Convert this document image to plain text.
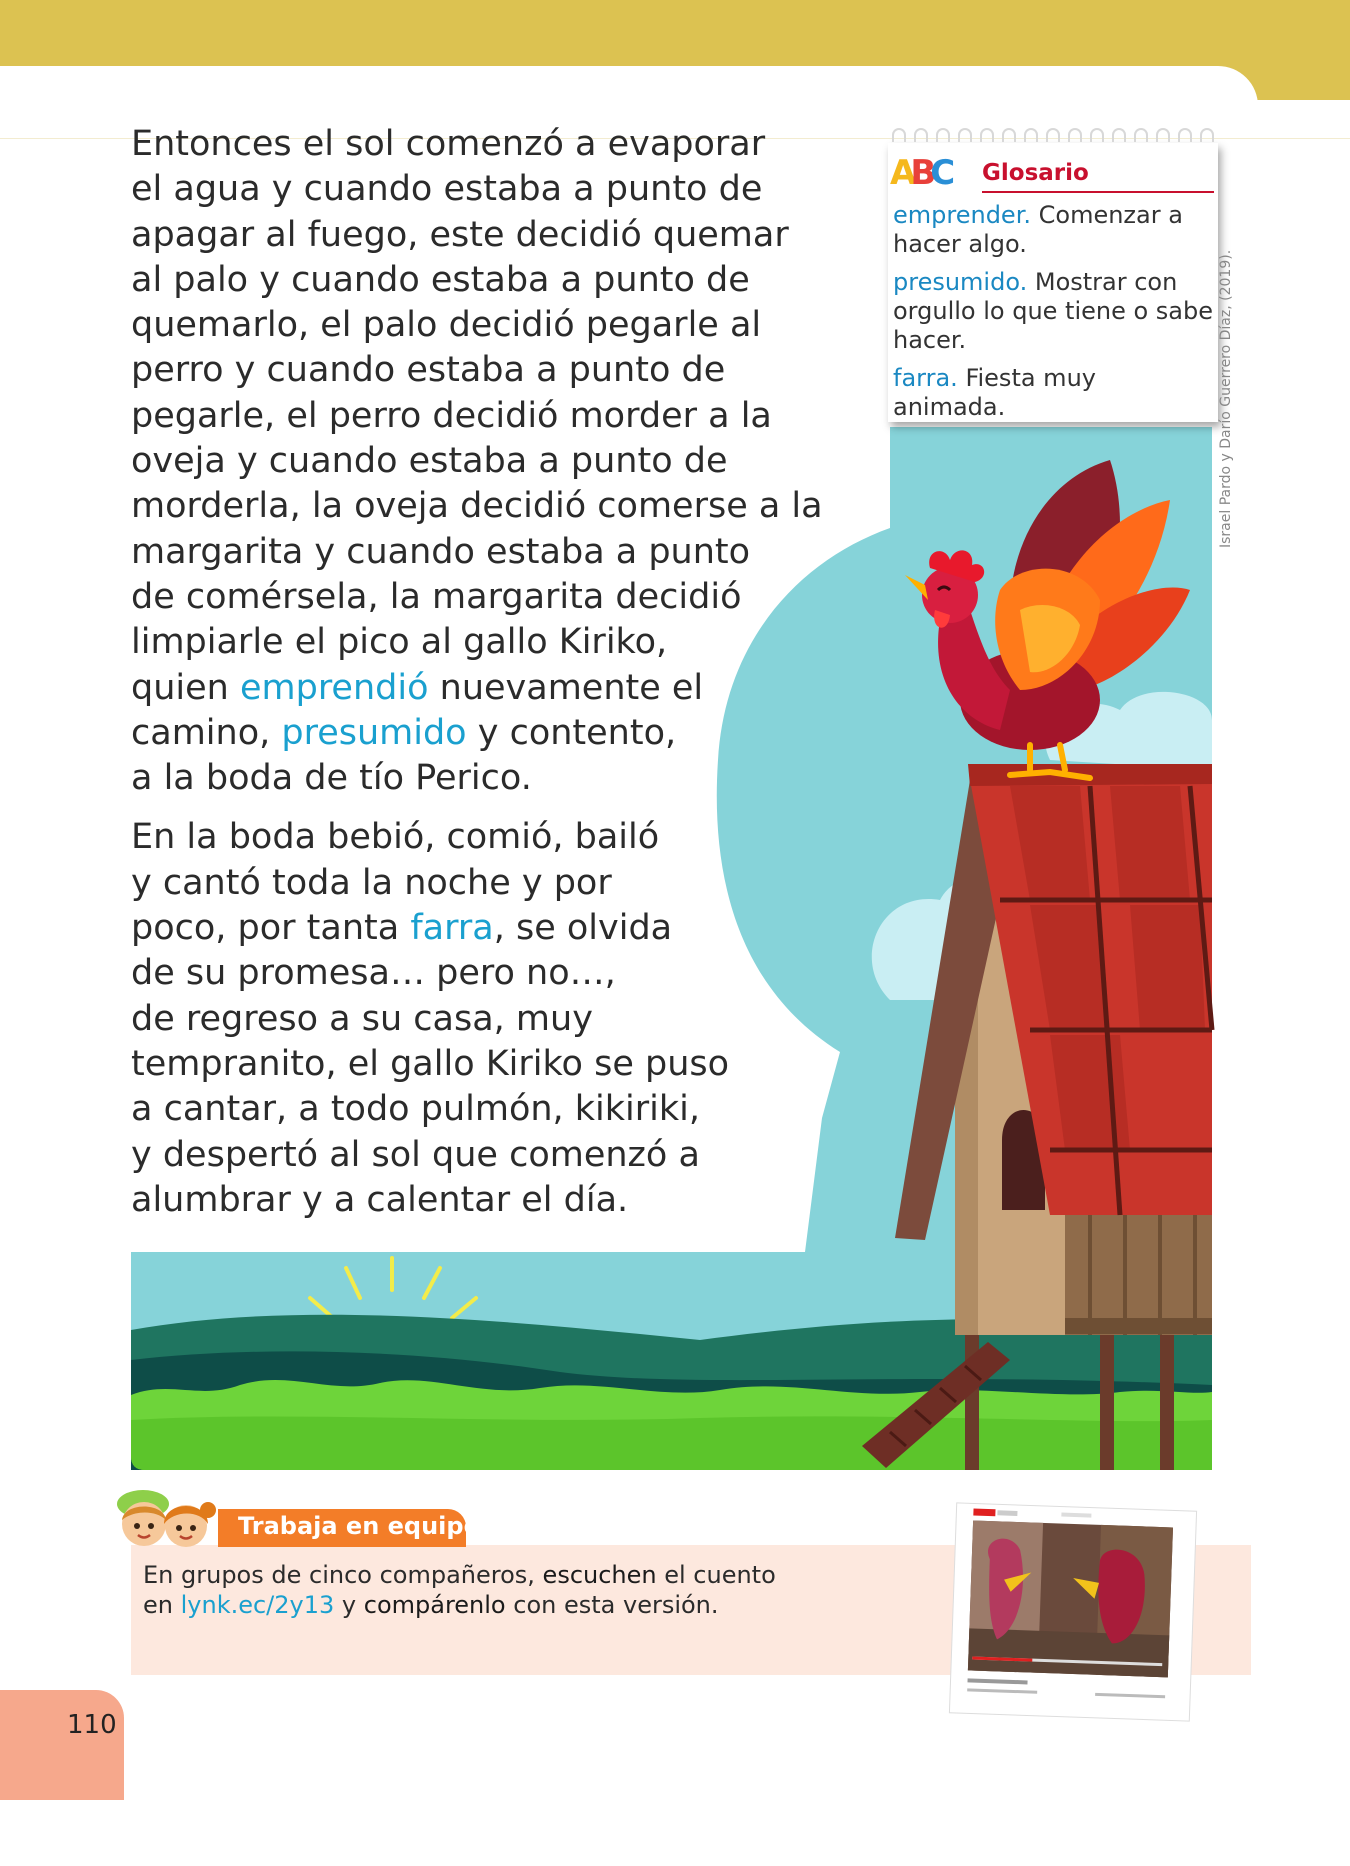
Entonces el sol comenzó a evaporar
el agua y cuando estaba a punto de
apagar al fuego, este decidió quemar
al palo y cuando estaba a punto de
quemarlo, el palo decidió pegarle al
perro y cuando estaba a punto de
pegarle, el perro decidió morder a la
oveja y cuando estaba a punto de
morderla, la oveja decidió comerse a la
margarita y cuando estaba a punto
de comérsela, la margarita decidió
limpiarle el pico al gallo Kiriko,
quien emprendió nuevamente el
camino, presumido y contento,
a la boda de tío Perico.

En la boda bebió, comió, bailó
y cantó toda la noche y por
poco, por tanta farra, se olvida
de su promesa… pero no…,
de regreso a su casa, muy
tempranito, el gallo Kiriko se puso
a cantar, a todo pulmón, kikiriki,
y despertó al sol que comenzó a
alumbrar y a calentar el día.

ABC Glosario
emprender. Comenzar a hacer algo.
presumido. Mostrar con orgullo lo que tiene o sabe hacer.
farra. Fiesta muy animada.	Israel Pardo y Darío Guerrero Díaz, (2019).
Trabaja en equipo
En grupos de cinco compañeros, escuchen el cuento
en lynk.ec/2y13 y compárenlo con esta versión.
110
